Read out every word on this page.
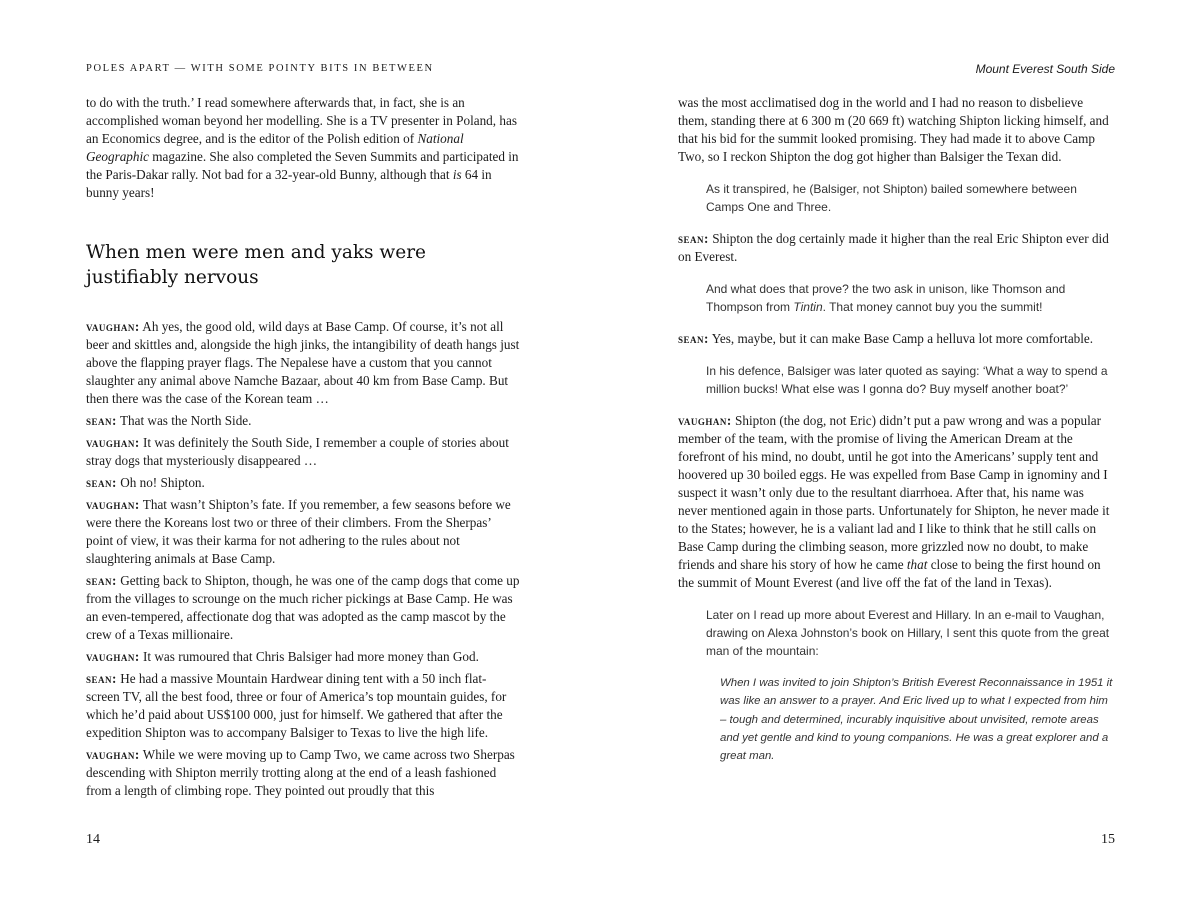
POLES APART — WITH SOME POINTY BITS IN BETWEEN

to do with the truth.’ I read somewhere afterwards that, in fact, she is an accomplished woman beyond her modelling. She is a TV presenter in Poland, has an Economics degree, and is the editor of the Polish edition of National Geographic magazine. She also completed the Seven Summits and participated in the Paris-Dakar rally. Not bad for a 32-year-old Bunny, although that is 64 in bunny years!

When men were men and yaks were justifiably nervous

vaughan: Ah yes, the good old, wild days at Base Camp. Of course, it’s not all beer and skittles and, alongside the high jinks, the intangibility of death hangs just above the flapping prayer flags. The Nepalese have a custom that you cannot slaughter any animal above Namche Bazaar, about 40 km from Base Camp. But then there was the case of the Korean team …

sean: That was the North Side.

vaughan: It was definitely the South Side, I remember a couple of stories about stray dogs that mysteriously disappeared …

sean: Oh no! Shipton.

vaughan: That wasn’t Shipton’s fate. If you remember, a few seasons before we were there the Koreans lost two or three of their climbers. From the Sherpas’ point of view, it was their karma for not adhering to the rules about not slaughtering animals at Base Camp.

sean: Getting back to Shipton, though, he was one of the camp dogs that come up from the villages to scrounge on the much richer pickings at Base Camp. He was an even-tempered, affectionate dog that was adopted as the camp mascot by the crew of a Texas millionaire.

vaughan: It was rumoured that Chris Balsiger had more money than God.

sean: He had a massive Mountain Hardwear dining tent with a 50 inch flat-screen TV, all the best food, three or four of America’s top mountain guides, for which he’d paid about US$100 000, just for himself. We gathered that after the expedition Shipton was to accompany Balsiger to Texas to live the high life.

vaughan: While we were moving up to Camp Two, we came across two Sherpas descending with Shipton merrily trotting along at the end of a leash fashioned from a length of climbing rope. They pointed out proudly that this

14
Mount Everest South Side

was the most acclimatised dog in the world and I had no reason to disbelieve them, standing there at 6 300 m (20 669 ft) watching Shipton licking himself, and that his bid for the summit looked promising. They had made it to above Camp Two, so I reckon Shipton the dog got higher than Balsiger the Texan did.

As it transpired, he (Balsiger, not Shipton) bailed somewhere between Camps One and Three.

sean: Shipton the dog certainly made it higher than the real Eric Shipton ever did on Everest.

And what does that prove? the two ask in unison, like Thomson and Thompson from Tintin. That money cannot buy you the summit!

sean: Yes, maybe, but it can make Base Camp a helluva lot more comfortable.

In his defence, Balsiger was later quoted as saying: ‘What a way to spend a million bucks! What else was I gonna do? Buy myself another boat?’

vaughan: Shipton (the dog, not Eric) didn’t put a paw wrong and was a popular member of the team, with the promise of living the American Dream at the forefront of his mind, no doubt, until he got into the Americans’ supply tent and hoovered up 30 boiled eggs. He was expelled from Base Camp in ignominy and I suspect it wasn’t only due to the resultant diarrhoea. After that, his name was never mentioned again in those parts. Unfortunately for Shipton, he never made it to the States; however, he is a valiant lad and I like to think that he still calls on Base Camp during the climbing season, more grizzled now no doubt, to make friends and share his story of how he came that close to being the first hound on the summit of Mount Everest (and live off the fat of the land in Texas).

Later on I read up more about Everest and Hillary. In an e-mail to Vaughan, drawing on Alexa Johnston’s book on Hillary, I sent this quote from the great man of the mountain:
When I was invited to join Shipton’s British Everest Reconnaissance in 1951 it was like an answer to a prayer. And Eric lived up to what I expected from him – tough and determined, incurably inquisitive about unvisited, remote areas and yet gentle and kind to young companions. He was a great explorer and a great man.
15
